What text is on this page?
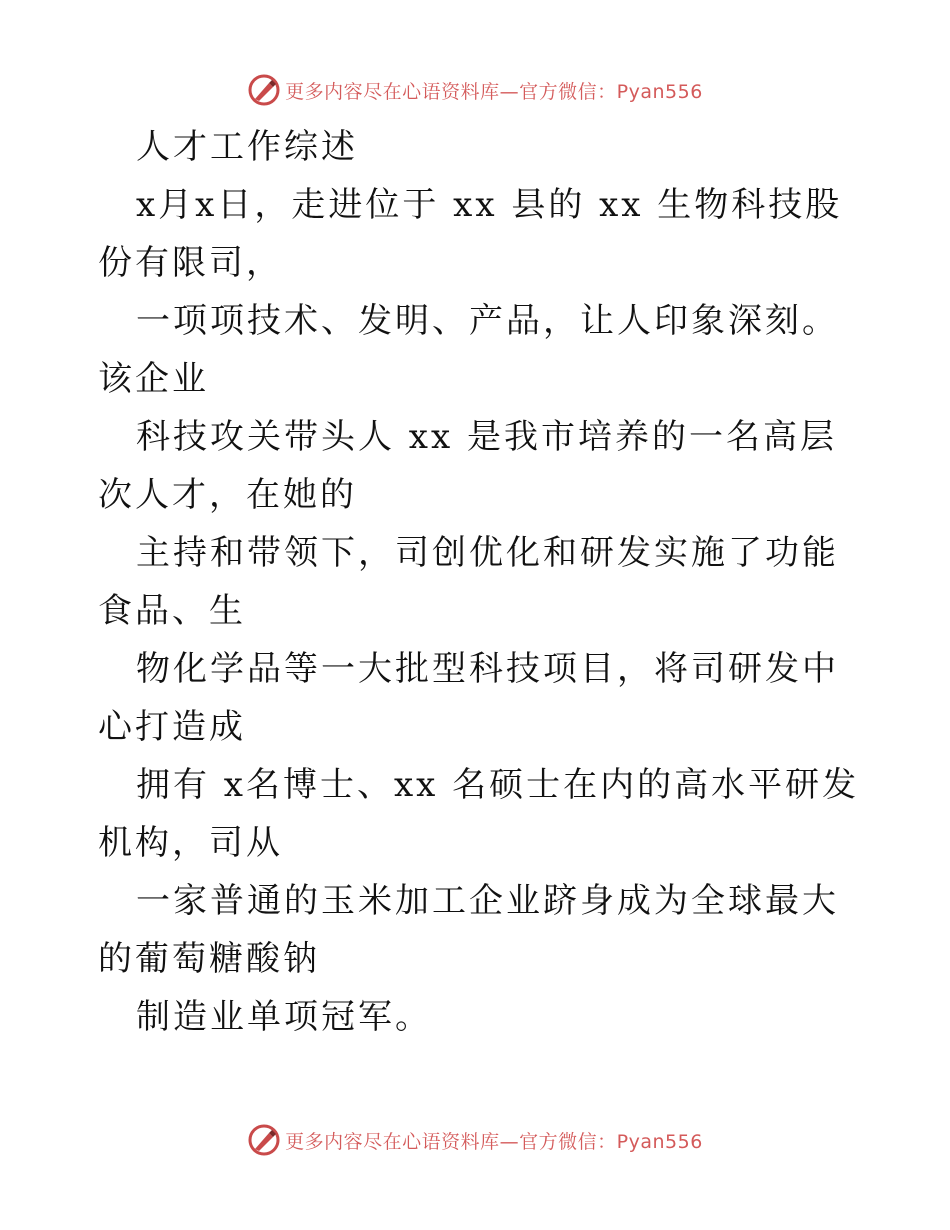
更多内容尽在心语资料库—官方微信：Pyan556

人才工作综述

x月x日，走进位于 xx 县的 xx 生物科技股份有限司，

一项项技术、发明、产品，让人印象深刻。该企业

科技攻关带头人 xx 是我市培养的一名高层次人才，在她的

主持和带领下，司创优化和研发实施了功能食品、生

物化学品等一大批型科技项目，将司研发中心打造成

拥有 x名博士、xx 名硕士在内的高水平研发机构，司从

一家普通的玉米加工企业跻身成为全球最大的葡萄糖酸钠

制造业单项冠军。

更多内容尽在心语资料库—官方微信：Pyan556
